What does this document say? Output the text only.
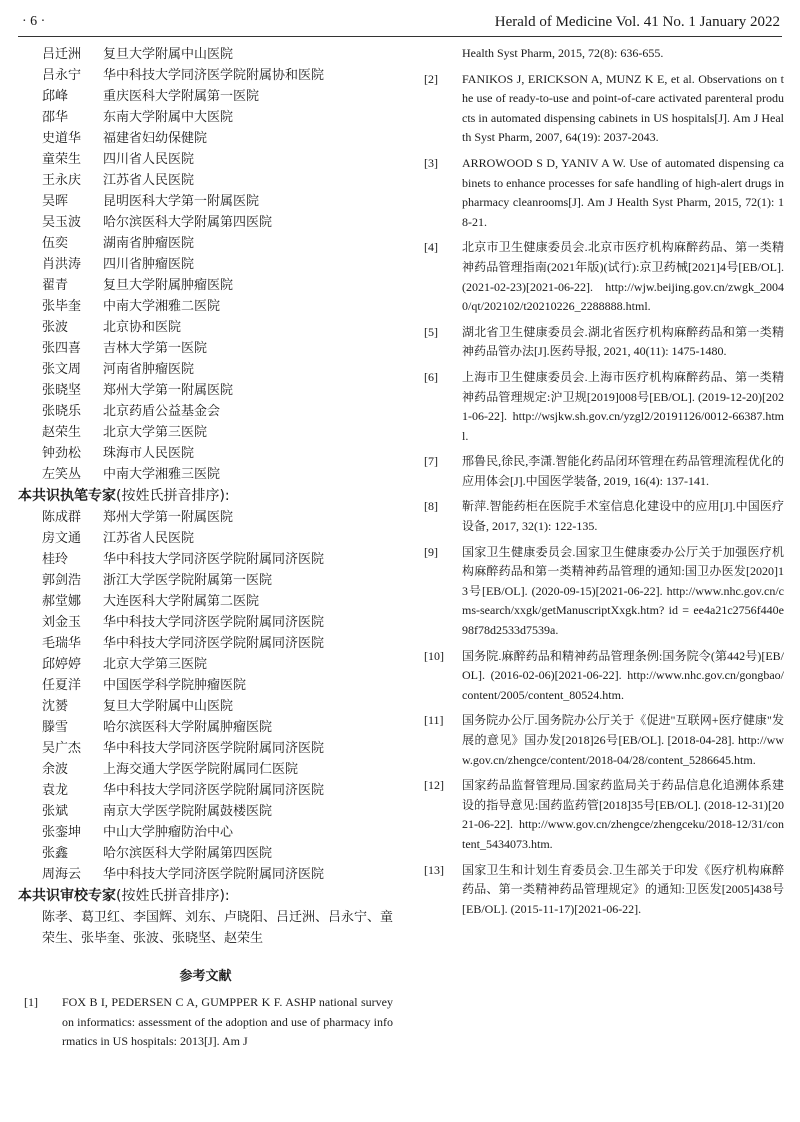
· 6 ·	Herald of Medicine Vol. 41 No. 1 January 2022
吕迁洲	复旦大学附属中山医院
吕永宁	华中科技大学同济医学院附属协和医院
邱峰	重庆医科大学附属第一医院
邵华	东南大学附属中大医院
史道华	福建省妇幼保健院
童荣生	四川省人民医院
王永庆	江苏省人民医院
吴晖	昆明医科大学第一附属医院
吴玉波	哈尔滨医科大学附属第四医院
伍奕	湖南省肿瘤医院
肖洪涛	四川省肿瘤医院
翟青	复旦大学附属肿瘤医院
张毕奎	中南大学湘雅二医院
张波	北京协和医院
张四喜	吉林大学第一医院
张文周	河南省肿瘤医院
张晓坚	郑州大学第一附属医院
张晓乐	北京药盾公益基金会
赵荣生	北京大学第三医院
钟劲松	珠海市人民医院
左笑丛	中南大学湘雅三医院
本共识执笔专家(按姓氏拼音排序):
陈成群	郑州大学第一附属医院
房文通	江苏省人民医院
桂玲	华中科技大学同济医学院附属同济医院
郭剑浩	浙江大学医学院附属第一医院
郝堂娜	大连医科大学附属第二医院
刘金玉	华中科技大学同济医学院附属同济医院
毛瑞华	华中科技大学同济医学院附属同济医院
邱婷婷	北京大学第三医院
任夏洋	中国医学科学院肿瘤医院
沈赟	复旦大学附属中山医院
滕雪	哈尔滨医科大学附属肿瘤医院
吴广杰	华中科技大学同济医学院附属同济医院
余波	上海交通大学医学院附属同仁医院
袁龙	华中科技大学同济医学院附属同济医院
张斌	南京大学医学院附属鼓楼医院
张銮坤	中山大学肿瘤防治中心
张鑫	哈尔滨医科大学附属第四医院
周海云	华中科技大学同济医学院附属同济医院
本共识审校专家(按姓氏拼音排序):
陈孝、葛卫红、李国辉、刘东、卢晓阳、吕迁洲、吕永宁、童荣生、张毕奎、张波、张晓坚、赵荣生
参考文献
[1] FOX B I, PEDERSEN C A, GUMPPER K F. ASHP national survey on informatics: assessment of the adoption and use of pharmacy informatics in US hospitals: 2013[J]. Am J
Health Syst Pharm, 2015, 72(8): 636-655.
[2] FANIKOS J, ERICKSON A, MUNZ K E, et al. Observations on the use of ready-to-use and point-of-care activated parenteral products in automated dispensing cabinets in US hospitals[J]. Am J Health Syst Pharm, 2007, 64(19): 2037-2043.
[3] ARROWOOD S D, YANIV A W. Use of automated dispensing cabinets to enhance processes for safe handling of high-alert drugs in pharmacy cleanrooms[J]. Am J Health Syst Pharm, 2015, 72(1): 18-21.
[4] 北京市卫生健康委员会.北京市医疗机构麻醉药品、第一类精神药品管理指南(2021年版)(试行):京卫药械[2021]4号[EB/OL]. (2021-02-23)[2021-06-22]. http://wjw.beijing.gov.cn/zwgk_20040/qt/202102/t20210226_2288888.html.
[5] 湖北省卫生健康委员会.湖北省医疗机构麻醉药品和第一类精神药品管办法[J].医药导报, 2021, 40(11): 1475-1480.
[6] 上海市卫生健康委员会.上海市医疗机构麻醉药品、第一类精神药品管理规定:沪卫规[2019]008号[EB/OL]. (2019-12-20)[2021-06-22]. http://wsjkw.sh.gov.cn/yzgl2/20191126/0012-66387.html.
[7] 邢鲁民,徐民,李潇.智能化药品闭环管理在药品管理流程优化的应用体会[J].中国医学装备, 2019, 16(4): 137-141.
[8] 靳萍.智能药柜在医院手术室信息化建设中的应用[J].中国医疗设备, 2017, 32(1): 122-135.
[9] 国家卫生健康委员会.国家卫生健康委办公厅关于加强医疗机构麻醉药品和第一类精神药品管理的通知:国卫办医发[2020]13号[EB/OL]. (2020-09-15)[2021-06-22]. http://www.nhc.gov.cn/cms-search/xxgk/getManuscriptXxgk.htm? id = ee4a21c2756f440e98f78d2533d7539a.
[10] 国务院.麻醉药品和精神药品管理条例:国务院令(第442号)[EB/OL]. (2016-02-06)[2021-06-22]. http://www.nhc.gov.cn/gongbao/content/2005/content_80524.htm.
[11] 国务院办公厅.国务院办公厅关于《促进"互联网+医疗健康"发展的意见》国办发[2018]26号[EB/OL]. [2018-04-28]. http://www.gov.cn/zhengce/content/2018-04/28/content_5286645.htm.
[12] 国家药品监督管理局.国家药监局关于药品信息化追溯体系建设的指导意见:国药监药管[2018]35号[EB/OL]. (2018-12-31)[2021-06-22]. http://www.gov.cn/zhengce/zhengceku/2018-12/31/content_5434073.htm.
[13] 国家卫生和计划生育委员会.卫生部关于印发《医疗机构麻醉药品、第一类精神药品管理规定》的通知:卫医发[2005]438号[EB/OL]. (2015-11-17)[2021-06-22].
